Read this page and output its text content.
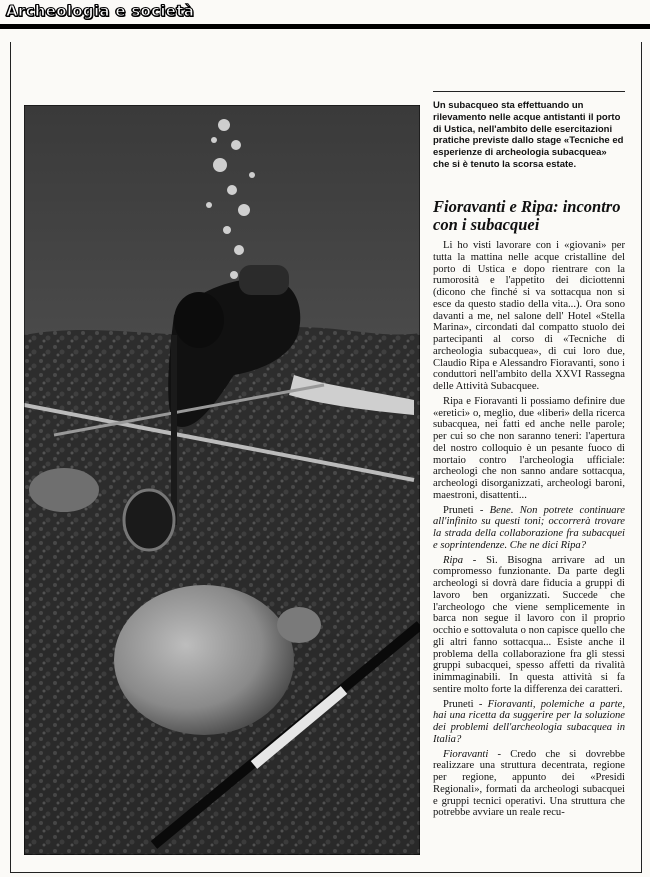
Archeologia e società
Un subacqueo sta effettuando un rilevamento nelle acque antistanti il porto di Ustica, nell'ambito delle esercitazioni pratiche previste dallo stage «Tecniche ed esperienze di archeologia subacquea» che si è tenuto la scorsa estate.
Fioravanti e Ripa: incontro con i subacquei

Li ho visti lavorare con i «giovani» per tutta la mattina nelle acque cristalline del porto di Ustica e dopo rientrare con la rumorosità e l'appetito dei diciottenni (dicono che finché si va sottacqua non si esce da questo stadio della vita...). Ora sono davanti a me, nel salone dell' Hotel «Stella Marina», circondati dal compatto stuolo dei partecipanti al corso di «Tecniche di archeologia subacquea», di cui loro due, Claudio Ripa e Alessandro Fioravanti, sono i conduttori nell'ambito della XXVI Rassegna delle Attività Subacquee.

Ripa e Fioravanti li possiamo definire due «eretici» o, meglio, due «liberi» della ricerca subacquea, nei fatti ed anche nelle parole; per cui so che non saranno teneri: l'apertura del nostro colloquio è un pesante fuoco di mortaio contro l'archeologia ufficiale: archeologi che non sanno andare sottacqua, archeologi disorganizzati, archeologi baroni, maestroni, disattenti...

Pruneti - Bene. Non potrete continuare all'infinito su questi toni; occorrerà trovare la strada della collaborazione fra subacquei e soprintendenze. Che ne dici Ripa?

Ripa - Sì. Bisogna arrivare ad un compromesso funzionante. Da parte degli archeologi si dovrà dare fiducia a gruppi di lavoro ben organizzati. Succede che l'archeologo che viene semplicemente in barca non segue il lavoro con il proprio occhio e sottovaluta o non capisce quello che gli altri fanno sottacqua... Esiste anche il problema della collaborazione fra gli stessi gruppi subacquei, spesso affetti da rivalità inimmaginabili. In questa attività si fa sentire molto forte la differenza dei caratteri.

Pruneti - Fioravanti, polemiche a parte, hai una ricetta da suggerire per la soluzione dei problemi dell'archeologia subacquea in Italia?

Fioravanti - Credo che si dovrebbe realizzare una struttura decentrata, regione per regione, appunto dei «Presidi Regionali», formati da archeologi subacquei e gruppi tecnici operativi. Una struttura che potrebbe avviare un reale recu-
